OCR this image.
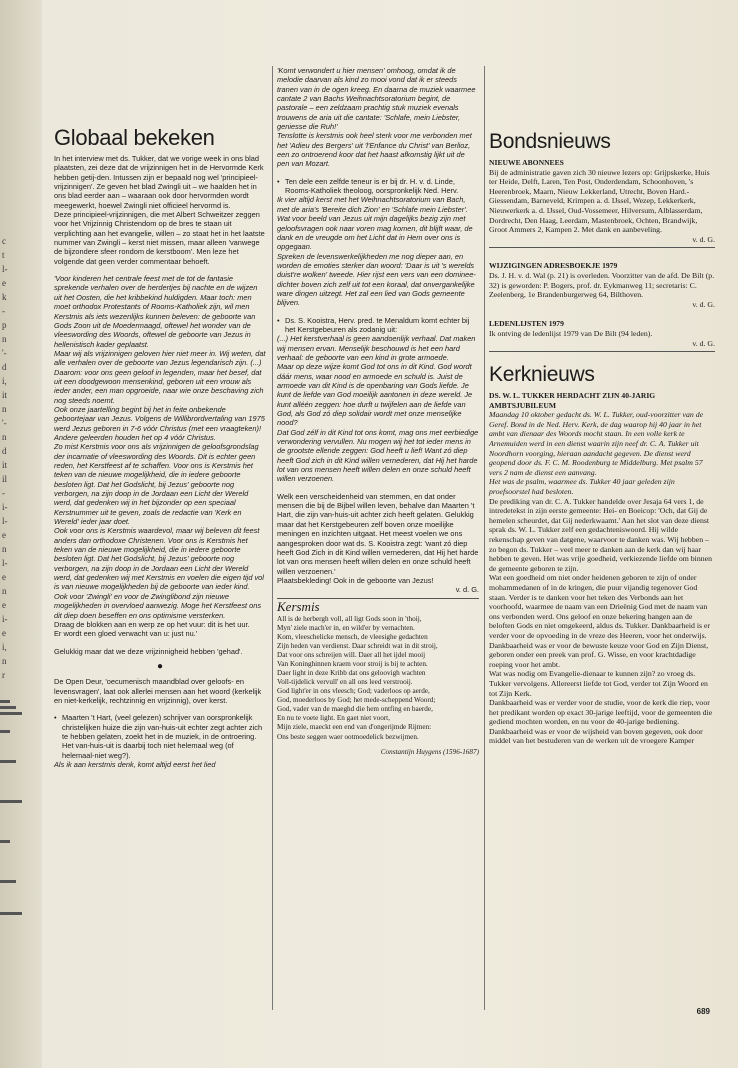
c
t
l-
e
k
-
p
n
'-
d
i,
it
n
'-
n
d
it
il
-
i-
l-
e
n
l-
e
n
e
i-
e
i,
n
r
Globaal bekeken

In het interview met ds. Tukker, dat we vorige week in ons blad plaatsten, zei deze dat de vrijzinnigen het in de Hervormde Kerk hebben getij-den. Intussen zijn er bepaald nog wel 'principieel-vrijzinnigen'. Ze geven het blad Zwingli uit – we haalden het in ons blad eerder aan – waaraan ook door hervormden wordt meegewerkt, hoewel Zwingli niet officieel hervormd is.

Deze principieel-vrijzinnigen, die met Albert Schweitzer zeggen voor het Vrijzinnig Christendom op de bres te staan uit verplichting aan het evangelie, willen – zo staat het in het laatste nummer van Zwingli – kerst niet missen, maar alleen 'vanwege de bijzondere sfeer rondom de kerstboom'. Men leze het volgende dat geen verder commentaar behoeft.

'Voor kinderen het centrale feest met de tot de fantasie sprekende verhalen over de herdertjes bij nachte en de wijzen uit het Oosten, die het kribbekind huldigden. Maar toch: men moet orthodox Protestants of Rooms-Katholiek zijn, wil men Kerstmis als iets wezenlijks kunnen beleven: de geboorte van Gods Zoon uit de Moedermaagd, oftewel het wonder van de vleeswording des Woords, oftewel de geboorte van Jezus in hellenistisch kader geplaatst.

Maar wij als vrijzinnigen geloven hier niet meer in. Wij weten, dat alle verhalen over de geboorte van Jezus legendarisch zijn. (...)

Daarom: voor ons geen geloof in legenden, maar het besef, dat uit een doodgewoon mensenkind, geboren uit een vrouw als ieder ander, een man opgroeide, naar wie onze beschaving zich nog steeds noemt.

Ook onze jaartelling begint bij het in feite onbekende geboortejaar van Jezus. Volgens de Willibrordvertaling van 1975 werd Jezus geboren in 7-6 vóór Christus (met een vraagteken)! Andere geleerden houden het op 4 vóór Christus.

Zo mist Kerstmis voor ons als vrijzinnigen de geloofsgrondslag der incarnatie of vleeswording des Woords. Dit is echter geen reden, het Kerstfeest af te schaffen. Voor ons is Kerstmis het teken van de nieuwe mogelijkheid, die in iedere geboorte besloten ligt. Dat het Godslicht, bij Jezus' geboorte nog verborgen, na zijn doop in de Jordaan een Licht der Wereld werd, dat gedenken wij in het bijzonder op een speciaal Kerstnummer uit te geven, zoals de redactie van 'Kerk en Wereld' ieder jaar doet.

Ook voor ons is Kerstmis waardevol, maar wij beleven dit feest anders dan orthodoxe Christenen. Voor ons is Kerstmis het teken van de nieuwe mogelijkheid, die in iedere geboorte besloten ligt. Dat het Godslicht, bij Jezus' geboorte nog verborgen, na zijn doop in de Jordaan een Licht der Wereld werd, dat gedenken wij met Kerstmis en voelen die eigen tijd vol is van nieuwe mogelijkheden bij de geboorte van ieder kind.

Ook voor 'Zwingli' en voor de Zwinglibond zijn nieuwe mogelijkheden in overvloed aanwezig. Moge het Kerstfeest ons dit diep doen beseffen en ons optimisme versterken.

Draag de blokken aan en werp ze op het vuur: dit is het uur.

Er wordt een gloed verwacht van u: just nu.'

Gelukkig maar dat we deze vrijzinnigheid hebben 'gehad'.

●

De Open Deur, 'oecumenisch maandblad over geloofs- en levensvragen', laat ook allerlei mensen aan het woord (kerkelijk en niet-kerkelijk, rechtzinnig en vrijzinnig), over kerst.

• Maarten 't Hart, (veel gelezen) schrijver van oorspronkelijk christelijken huize die zijn van-huis-uit echter zegt achter zich te hebben gelaten, zoekt het in de muziek, in de ontroering. Het van-huis-uit is daarbij toch niet helemaal weg (of helemaal-niet weg?).

Als ik aan kerstmis denk, komt altijd eerst het lied

'Komt verwondert u hier mensen' omhoog, omdat ik de melodie daarvan als kind zo mooi vond dat ik er steeds tranen van in de ogen kreeg. En daarna de muziek waarmee cantate 2 van Bachs Weihnachtsoratorium begint, de pastorale – een zeldzaam prachtig stuk muziek evenals trouwens de aria uit die cantate: 'Schlafe, mein Liebster, geniesse die Ruh!'

Tenslotte is kerstmis ook heel sterk voor me verbonden met het 'Adieu des Bergers' uit 'l'Enfance du Christ' van Berlioz, een zo ontroerend koor dat het haast afkomstig lijkt uit de pen van Mozart.

• Ten dele een zelfde teneur is er bij dr. H. v. d. Linde, Rooms-Katholiek theoloog, oorspronkelijk Ned. Herv.

Ik vier altijd kerst met het Weihnachtsoratorium van Bach, met de aria's 'Bereite dich Zion' en 'Schlafe mein Liebster'. Wat voor beeld van Jezus uit mijn dagelijks bezig zijn met geloofsvragen ook naar voren mag komen, dit blijft waar, de dank en de vreugde om het Licht dat in Hem over ons is opgegaan.

Spreken de levenswerkelijkheden me nog dieper aan, en worden de emoties sterker dan woord: 'Daar is uit 's werelds duist're wolken' tweede. Hier rijst een vers van een dominee-dichter boven zich zelf uit tot een koraal, dat onvergankelijke ware dingen uitzegt. Het zal een lied van Gods gemeente blijven.

• Ds. S. Kooistra, Herv. pred. te Menaldum komt echter bij het Kerstgebeuren als zodanig uit:

(...) Het kerstverhaal is geen aandoenlijk verhaal. Dat maken wij mensen ervan. Menselijk beschouwd is het een hard verhaal: de geboorte van een kind in grote armoede.

Maar op deze wijze komt God tot ons in dit Kind. God wordt dáár mens, waar nood en armoede en schuld is. Juist de armoede van dit Kind is de openbaring van Gods liefde. Je kunt de liefde van God moeilijk aantonen in deze wereld. Je kunt alléén zeggen: hoe durft u twijfelen aan de liefde van God, als God zó diep solidair wordt met onze menselijke nood?

Dat God zélf in dit Kind tot ons komt, mag ons met eerbiedige verwondering vervullen. Nu mogen wij het tot ieder mens in de grootste ellende zeggen: God heeft u lief! Want zó diep heeft God zich in dit Kind willen vernederen, dat Hij het harde lot van ons mensen heeft willen delen en onze schuld heeft willen verzoenen.

Welk een verscheidenheid van stemmen, en dat onder mensen die bij de Bijbel willen leven, behalve dan Maarten 't Hart, die zijn van-huis-uit achter zich heeft gelaten. Gelukkig maar dat het Kerstgebeuren zelf boven onze moeilijke meningen en inzichten uitgaat. Het meest voelen we ons aangesproken door wat ds. S. Kooistra zegt: 'want zó diep heeft God Zich in dit Kind willen vernederen, dat Hij het harde lot van ons mensen heeft willen delen en onze schuld heeft willen verzoenen.'

Plaatsbekleding! Ook in de geboorte van Jezus!

v. d. G.

Kersmis

All is de herbergh voll, all ligt Gods soon in 'thoij,

Myn' ziele mach'er in, en wild'er by vernachten.

Kom, vleeschelicke mensch, de vleesighe gedachten

Zijn heden van verdienst. Daar schreidt wat in dit stroij,

Dat voor ons schreijen will. Daer all het ijdel mooij

Van Koninghinnen kraem voor stroij is bij te achten.

Daer light in deze Kribb dat ons geloovigh wachten

Voll-tijdelick vervull' en all ons leed verstrooij.

God light'er in ons vleesch; God; vaderloos op aerde,

God, moederloos by God; het mede-scheppend Woord;

God, vader van de maeghd die hem ontfing en baerde,

En nu te voete light. En gaet niet voort,

Mijn ziele, maeckt een end van d'ongerijmde Rijmen:

Ons beste seggen waer ootmoedelick bezwijmen.

Constantijn Huygens (1596-1687)

Bondsnieuws

NIEUWE ABONNEES

Bij de administratie gaven zich 30 nieuwe lezers op: Grijpskerke, Huis ter Heide, Delft, Laren, Ten Post, Onderdendam, Schoonhoven, 's Heerenbroek, Maarn, Nieuw Lekkerland, Utrecht, Boven Hard.-Giessendam, Barneveld, Krimpen a. d. IJssel, Wezep, Lekkerkerk, Nieuwerkerk a. d. IJssel, Oud-Vossemeer, Hilversum, Alblasserdam, Dordrecht, Den Haag, Leerdam, Mastenbroek, Ochten, Brandwijk, Groot Ammers 2, Kampen 2. Met dank en aanbeveling.

v. d. G.

WIJZIGINGEN ADRESBOEKJE 1979

Ds. J. H. v. d. Wal (p. 21) is overleden. Voorzitter van de afd. De Bilt (p. 32) is geworden: P. Bogers, prof. dr. Eykmanweg 11; secretaris: C. Zeelenberg, 1e Brandenburgerweg 64, Bilthoven.

v. d. G.

LEDENLIJSTEN 1979

Ik ontving de ledenlijst 1979 van De Bilt (94 leden).

v. d. G.

Kerknieuws

DS. W. L. TUKKER HERDACHT ZIJN 40-JARIG AMBTSJUBILEUM

Maandag 10 oktober gedacht ds. W. L. Tukker, oud-voorzitter van de Geref. Bond in de Ned. Herv. Kerk, de dag waarop hij 40 jaar in het ambt van dienaar des Woords mocht staan. In een volle kerk te Arnemuiden werd in een dienst waarin zijn neef dr. C. A. Tukker uit Noordhorn voorging, hieraan aandacht gegeven. De dienst werd geopend door ds. F. C. M. Roodenburg te Middelburg. Met psalm 57 vers 2 nam de dienst een aanvang.

Het was de psalm, waarmee ds. Tukker 40 jaar geleden zijn proefsoorstel had besloten.

De prediking van dr. C. A. Tukker handelde over Jesaja 64 vers 1, de intredetekst in zijn eerste gemeente: Hei- en Boeicop: 'Och, dat Gij de hemelen scheurdet, dat Gij nederkwaamt.' Aan het slot van deze dienst sprak ds. W. L. Tukker zelf een gedachteniswoord. Hij wilde rekenschap geven van datgene, waarvoor te danken was. Wij hebben – zo begon ds. Tukker – veel meer te danken aan de kerk dan wij haar hebben te geven. Het was vrije goedheid, verkiezende liefde om binnen de gemeente geboren te zijn.

Wat een goedheid om niet onder heidenen geboren te zijn of onder mohammedanen of in de kringen, die puur vijandig tegenover God staan. Verder is te danken voor het teken des Verbonds aan het voorhoofd, waarmee de naam van een Drieënig God met de naam van ons verbonden werd. Ons geloof en onze bekering hangen aan de beloften Gods en niet omgekeerd, aldus ds. Tukker. Dankbaarheid is er verder voor de opvoeding in de vreze des Heeren, voor het onderwijs. Dankbaarheid was er voor de bewuste keuze voor God en Zijn Dienst, geboren onder een preek van prof. G. Wisse, en voor krachtdadige roeping voor het ambt.

Wat was nodig om Evangelie-dienaar te kunnen zijn? zo vroeg ds. Tukker vervolgens. Allereerst liefde tot God, verder tot Zijn Woord en tot Zijn Kerk.

Dankbaarheid was er verder voor de studie, voor de kerk die riep, voor het predikant worden op exact 30-jarige leeftijd, voor de gemeenten die gediend mochten worden, en nu voor de 40-jarige bediening. Dankbaarheid was er voor de wijsheid van boven gegeven, ook door middel van het bestuderen van de werken uit de vroegere Kamper

689
